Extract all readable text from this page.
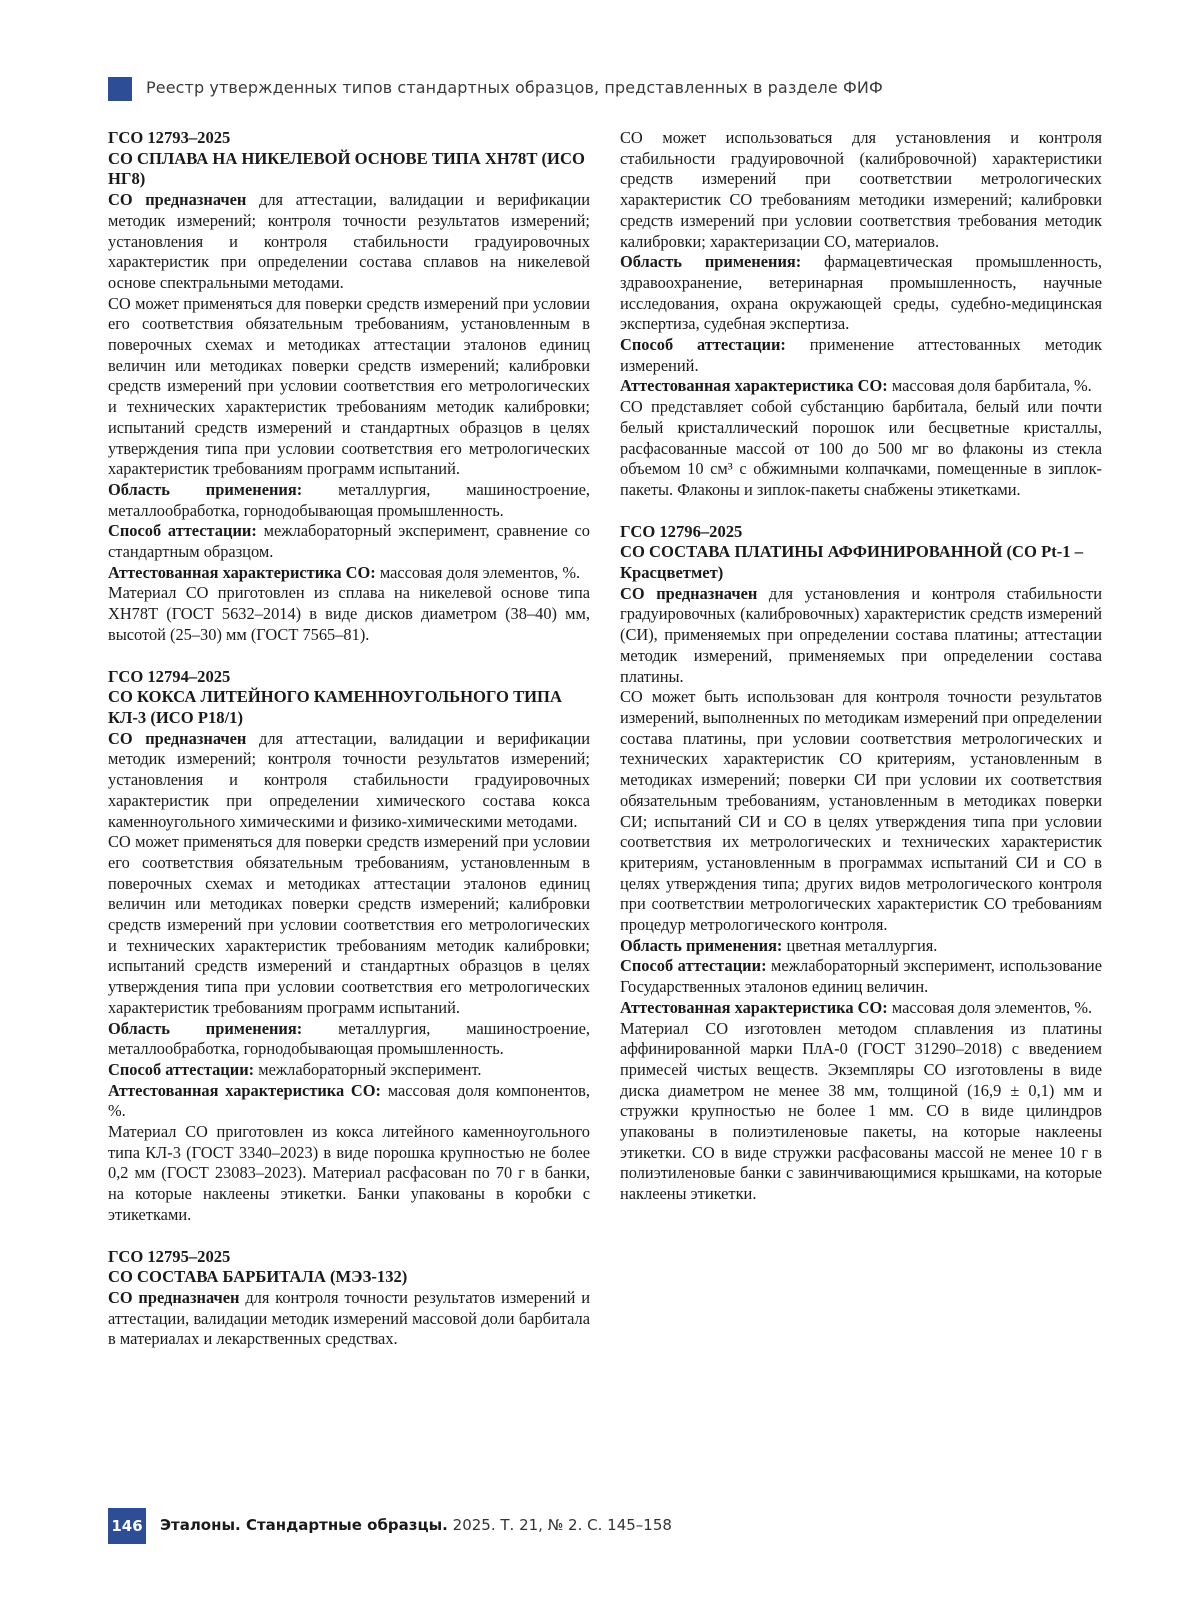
Реестр утвержденных типов стандартных образцов, представленных в разделе ФИФ
ГСО 12793–2025
СО СПЛАВА НА НИКЕЛЕВОЙ ОСНОВЕ ТИПА ХН78Т (ИСО НГ8)

СО предназначен для аттестации, валидации и верификации методик измерений; контроля точности результатов измерений; установления и контроля стабильности градуировочных характеристик при определении состава сплавов на никелевой основе спектральными методами.

СО может применяться для поверки средств измерений при условии его соответствия обязательным требованиям, установленным в поверочных схемах и методиках аттестации эталонов единиц величин или методиках поверки средств измерений; калибровки средств измерений при условии соответствия его метрологических и технических характеристик требованиям методик калибровки; испытаний средств измерений и стандартных образцов в целях утверждения типа при условии соответствия его метрологических характеристик требованиям программ испытаний.

Область применения: металлургия, машиностроение, металлообработка, горнодобывающая промышленность.

Способ аттестации: межлабораторный эксперимент, сравнение со стандартным образцом.

Аттестованная характеристика СО: массовая доля элементов, %.

Материал СО приготовлен из сплава на никелевой основе типа ХН78Т (ГОСТ 5632–2014) в виде дисков диаметром (38–40) мм, высотой (25–30) мм (ГОСТ 7565–81).

ГСО 12794–2025
СО КОКСА ЛИТЕЙНОГО КАМЕННОУГОЛЬНОГО ТИПА КЛ-3 (ИСО Р18/1)

СО предназначен для аттестации, валидации и верификации методик измерений; контроля точности результатов измерений; установления и контроля стабильности градуировочных характеристик при определении химического состава кокса каменноугольного химическими и физико-химическими методами.

СО может применяться для поверки средств измерений при условии его соответствия обязательным требованиям, установленным в поверочных схемах и методиках аттестации эталонов единиц величин или методиках поверки средств измерений; калибровки средств измерений при условии соответствия его метрологических и технических характеристик требованиям методик калибровки; испытаний средств измерений и стандартных образцов в целях утверждения типа при условии соответствия его метрологических характеристик требованиям программ испытаний.

Область применения: металлургия, машиностроение, металлообработка, горнодобывающая промышленность.

Способ аттестации: межлабораторный эксперимент.

Аттестованная характеристика СО: массовая доля компонентов, %.

Материал СО приготовлен из кокса литейного каменноугольного типа КЛ-3 (ГОСТ 3340–2023) в виде порошка крупностью не более 0,2 мм (ГОСТ 23083–2023). Материал расфасован по 70 г в банки, на которые наклеены этикетки. Банки упакованы в коробки с этикетками.

ГСО 12795–2025
СО СОСТАВА БАРБИТАЛА (МЭЗ-132)

СО предназначен для контроля точности результатов измерений и аттестации, валидации методик измерений массовой доли барбитала в материалах и лекарственных средствах.

СО может использоваться для установления и контроля стабильности градуировочной (калибровочной) характеристики средств измерений при соответствии метрологических характеристик СО требованиям методики измерений; калибровки средств измерений при условии соответствия требования методик калибровки; характеризации СО, материалов.

Область применения: фармацевтическая промышленность, здравоохранение, ветеринарная промышленность, научные исследования, охрана окружающей среды, судебно-медицинская экспертиза, судебная экспертиза.

Способ аттестации: применение аттестованных методик измерений.

Аттестованная характеристика СО: массовая доля барбитала, %.

СО представляет собой субстанцию барбитала, белый или почти белый кристаллический порошок или бесцветные кристаллы, расфасованные массой от 100 до 500 мг во флаконы из стекла объемом 10 см³ с обжимными колпачками, помещенные в зиплок-пакеты. Флаконы и зиплок-пакеты снабжены этикетками.

ГСО 12796–2025
СО СОСТАВА ПЛАТИНЫ АФФИНИРОВАННОЙ (СО Pt-1 – Красцветмет)

СО предназначен для установления и контроля стабильности градуировочных (калибровочных) характеристик средств измерений (СИ), применяемых при определении состава платины; аттестации методик измерений, применяемых при определении состава платины.

СО может быть использован для контроля точности результатов измерений, выполненных по методикам измерений при определении состава платины, при условии соответствия метрологических и технических характеристик СО критериям, установленным в методиках измерений; поверки СИ при условии их соответствия обязательным требованиям, установленным в методиках поверки СИ; испытаний СИ и СО в целях утверждения типа при условии соответствия их метрологических и технических характеристик критериям, установленным в программах испытаний СИ и СО в целях утверждения типа; других видов метрологического контроля при соответствии метрологических характеристик СО требованиям процедур метрологического контроля.

Область применения: цветная металлургия.

Способ аттестации: межлабораторный эксперимент, использование Государственных эталонов единиц величин.

Аттестованная характеристика СО: массовая доля элементов, %.

Материал СО изготовлен методом сплавления из платины аффинированной марки ПлА-0 (ГОСТ 31290–2018) с введением примесей чистых веществ. Экземпляры СО изготовлены в виде диска диаметром не менее 38 мм, толщиной (16,9 ± 0,1) мм и стружки крупностью не более 1 мм. СО в виде цилиндров упакованы в полиэтиленовые пакеты, на которые наклеены этикетки. СО в виде стружки расфасованы массой не менее 10 г в полиэтиленовые банки с завинчивающимися крышками, на которые наклеены этикетки.

146 Эталоны. Стандартные образцы. 2025. Т. 21, № 2. С. 145–158
